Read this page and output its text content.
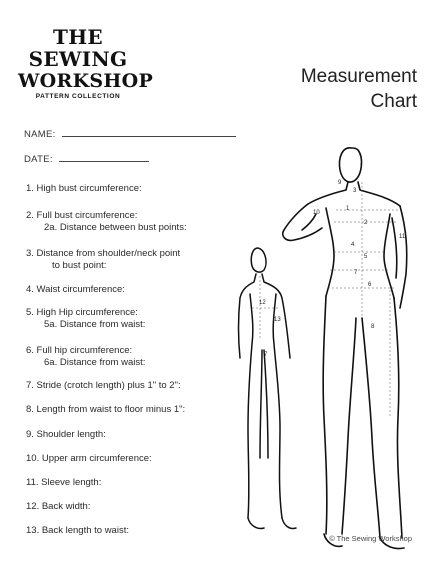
THE
SEWING
WORKSHOP
PATTERN COLLECTION
Measurement
Chart
NAME:
DATE:
1. High bust circumference:
2. Full bust circumference:
2a. Distance between bust points:
3. Distance from shoulder/neck point
to bust point:
4. Waist circumference:
5. High Hip circumference:
5a. Distance from waist:
6. Full hip circumference:
6a. Distance from waist:
7. Stride (crotch length) plus 1" to 2":
8. Length from waist to floor minus 1":
9. Shoulder length:
10. Upper arm circumference:
11. Sleeve length:
12. Back width:
13. Back length to waist:
9
3
10
1
2
4
11
5
7
6
8
12
13
7
© The Sewing Workshop
